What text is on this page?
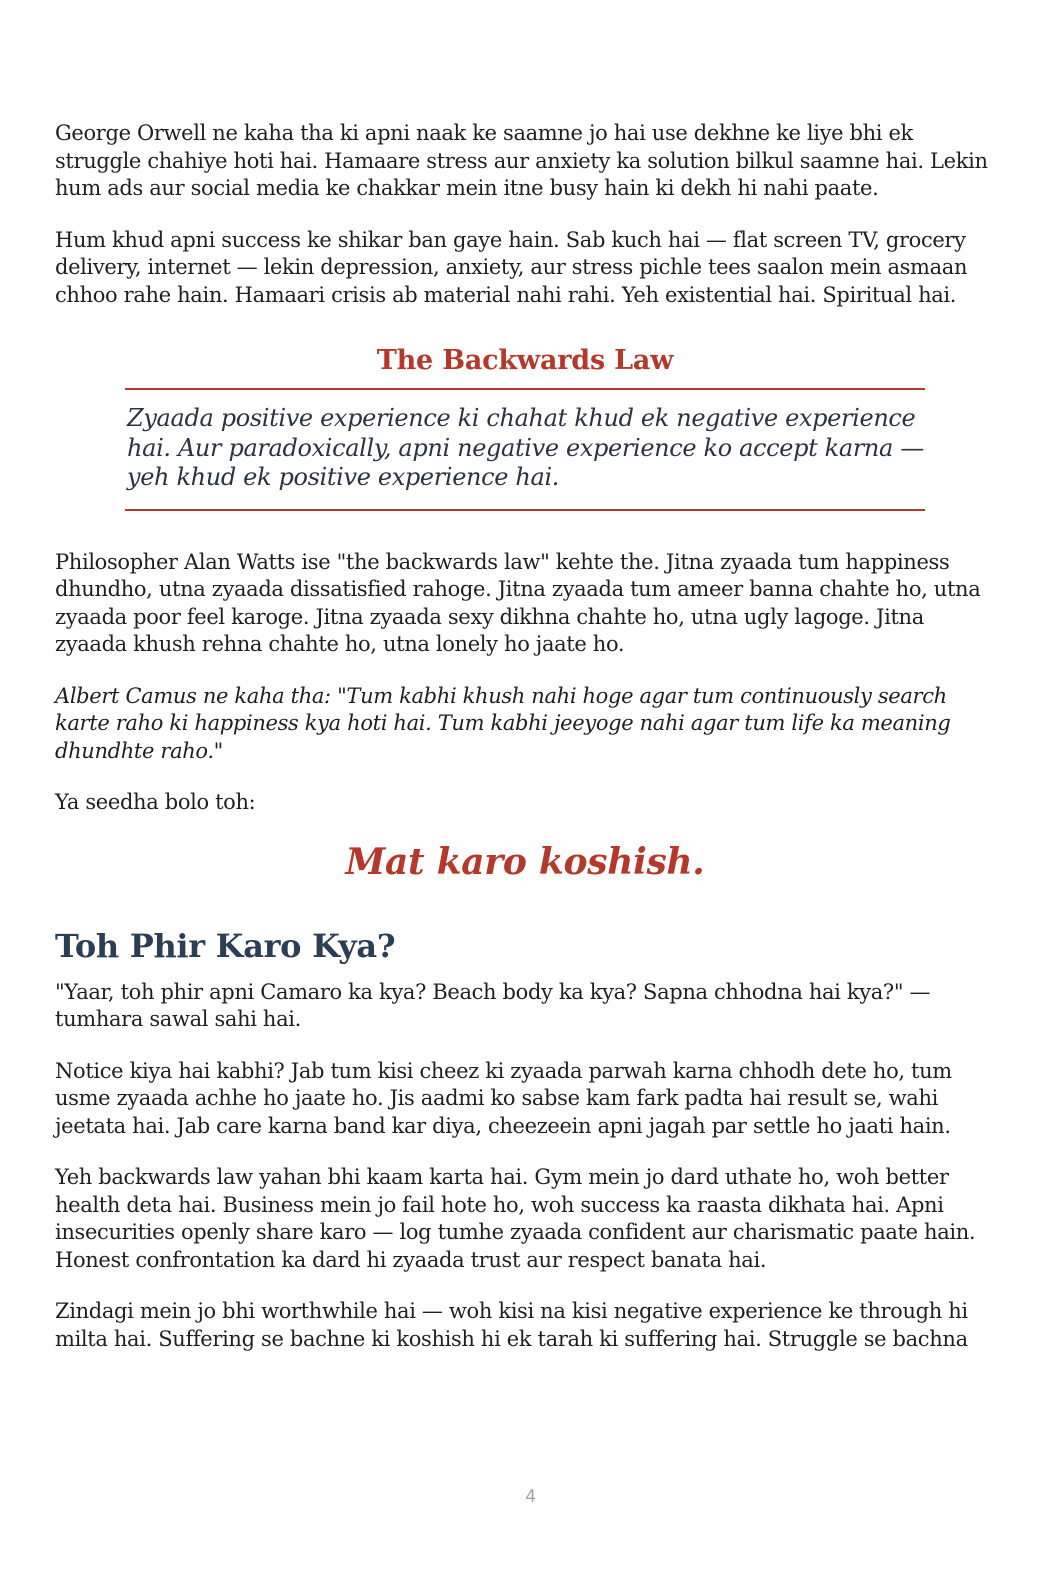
George Orwell ne kaha tha ki apni naak ke saamne jo hai use dekhne ke liye bhi ek struggle chahiye hoti hai. Hamaare stress aur anxiety ka solution bilkul saamne hai. Lekin hum ads aur social media ke chakkar mein itne busy hain ki dekh hi nahi paate.

Hum khud apni success ke shikar ban gaye hain. Sab kuch hai — flat screen TV, grocery delivery, internet — lekin depression, anxiety, aur stress pichle tees saalon mein asmaan chhoo rahe hain. Hamaari crisis ab material nahi rahi. Yeh existential hai. Spiritual hai.

The Backwards Law

Zyaada positive experience ki chahat khud ek negative experience hai. Aur paradoxically, apni negative experience ko accept karna — yeh khud ek positive experience hai.

Philosopher Alan Watts ise "the backwards law" kehte the. Jitna zyaada tum happiness dhundho, utna zyaada dissatisfied rahoge. Jitna zyaada tum ameer banna chahte ho, utna zyaada poor feel karoge. Jitna zyaada sexy dikhna chahte ho, utna ugly lagoge. Jitna zyaada khush rehna chahte ho, utna lonely ho jaate ho.

Albert Camus ne kaha tha: "Tum kabhi khush nahi hoge agar tum continuously search karte raho ki happiness kya hoti hai. Tum kabhi jeeyoge nahi agar tum life ka meaning dhundhte raho."

Ya seedha bolo toh:

Mat karo koshish.
Toh Phir Karo Kya?

"Yaar, toh phir apni Camaro ka kya? Beach body ka kya? Sapna chhodna hai kya?" — tumhara sawal sahi hai.

Notice kiya hai kabhi? Jab tum kisi cheez ki zyaada parwah karna chhodh dete ho, tum usme zyaada achhe ho jaate ho. Jis aadmi ko sabse kam fark padta hai result se, wahi jeetata hai. Jab care karna band kar diya, cheezeein apni jagah par settle ho jaati hain.

Yeh backwards law yahan bhi kaam karta hai. Gym mein jo dard uthate ho, woh better health deta hai. Business mein jo fail hote ho, woh success ka raasta dikhata hai. Apni insecurities openly share karo — log tumhe zyaada confident aur charismatic paate hain. Honest confrontation ka dard hi zyaada trust aur respect banata hai.

Zindagi mein jo bhi worthwhile hai — woh kisi na kisi negative experience ke through hi milta hai. Suffering se bachne ki koshish hi ek tarah ki suffering hai. Struggle se bachna

4
